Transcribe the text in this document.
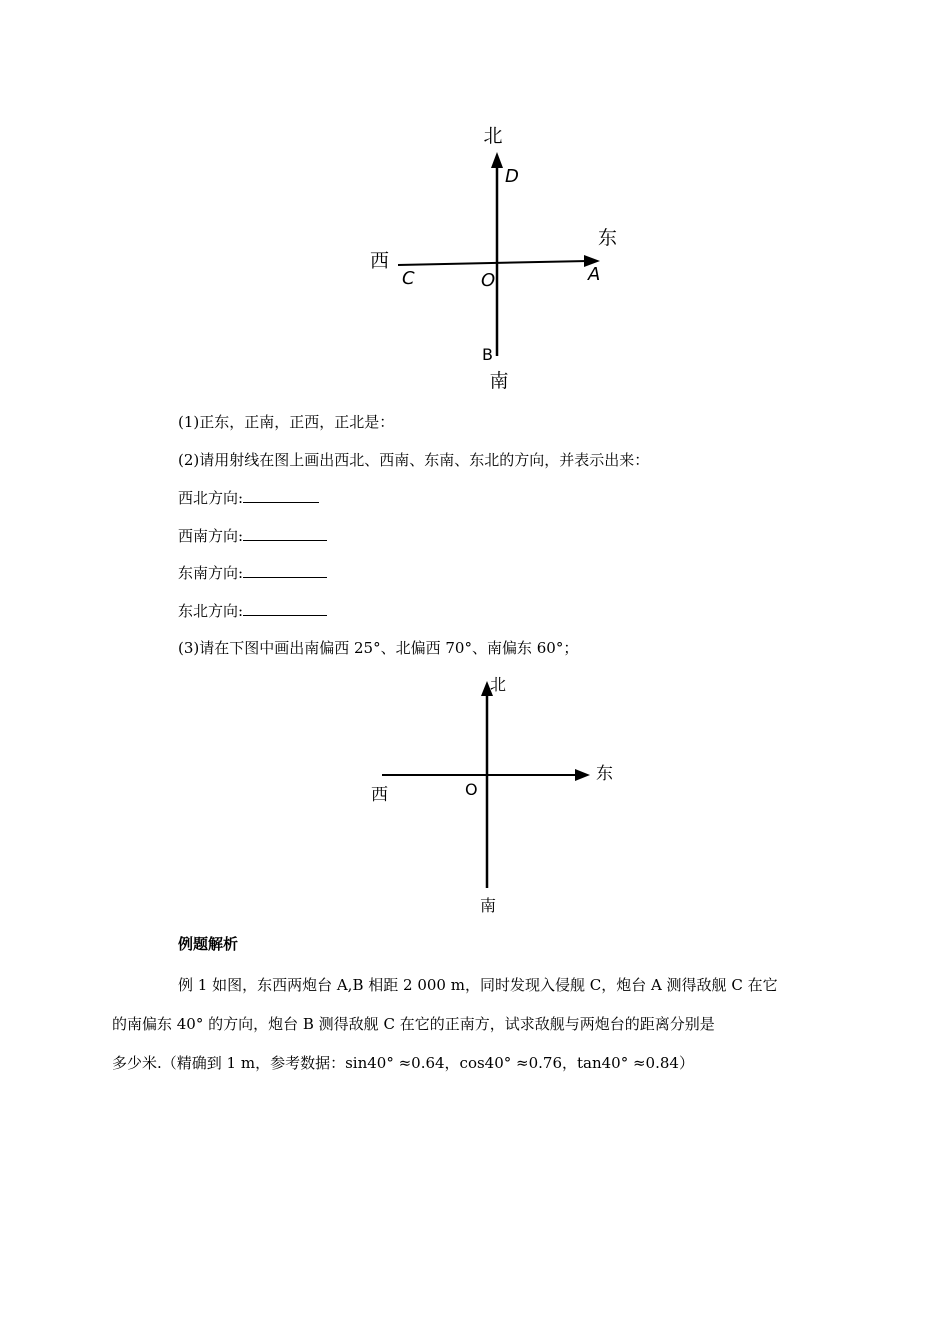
北
D
东
西
C	O	A
B
南
(1)正东，正南，正西，正北是：
(2)请用射线在图上画出西北、西南、东南、东北的方向，并表示出来：
西北方向:
西南方向:
东南方向:
东北方向:
(3)请在下图中画出南偏西 25°、北偏西 70°、南偏东 60°；
北
东
西	O
南
例题解析
例 1 如图，东西两炮台 A,B 相距 2 000 m，同时发现入侵舰 C，炮台 A 测得敌舰 C 在它
的南偏东 40° 的方向，炮台 B 测得敌舰 C 在它的正南方，试求敌舰与两炮台的距离分别是
多少米.（精确到 1 m，参考数据：sin40° ≈0.64，cos40° ≈0.76，tan40° ≈0.84）
